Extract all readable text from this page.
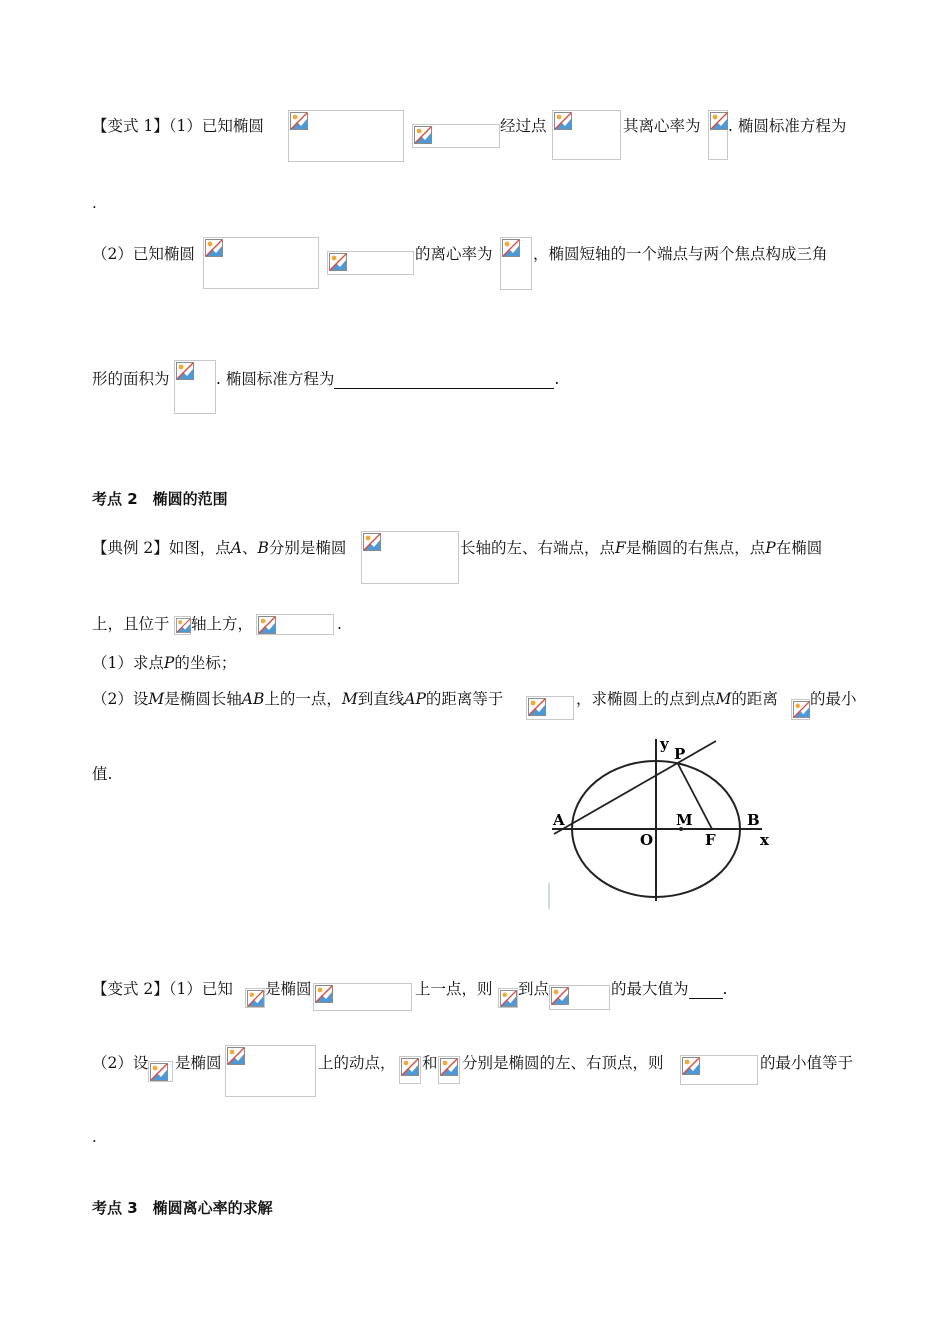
【变式 1】（1）已知椭圆	经过点	其离心率为 . 椭圆标准方程为
.
（2）已知椭圆	的离心率为	，椭圆短轴的一个端点与两个焦点构成三角
形的面积为	. 椭圆标准方程为	.
考点 2　椭圆的范围
【典例 2】如图，点A、B分别是椭圆	长轴的左、右端点，点F是椭圆的右焦点，点P在椭圆
上，且位于 轴上方，	.
（1）求点P的坐标；
（2）设M是椭圆长轴AB上的一点，M到直线AP的距离等于	，求椭圆上的点到点M的距离 的最小
值.
y
P
A
O
M
F
B
x
【变式 2】（1）已知 是椭圆	上一点，则 到点	的最大值为 .
（2）设 是椭圆	上的动点， 和 分别是椭圆的左、右顶点，则	的最小值等于
.
考点 3　椭圆离心率的求解
